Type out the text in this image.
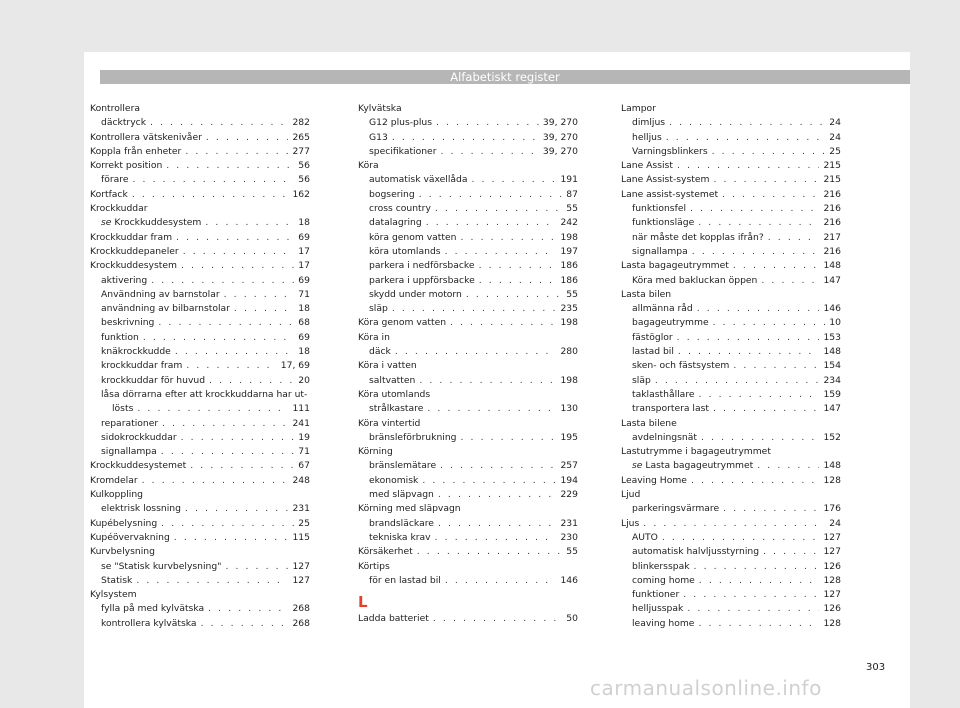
Alfabetiskt register
Kontrollera
däcktryck . . .	282
Kontrollera vätskenivåer . . .	265
Koppla från enheter . . .	277
Korrekt position . . .	56
förare . . .	56
Kortfack . . .	162
Krockkuddar
se Krockkuddesystem . . .	18
Krockkuddar fram . . .	69
Krockkuddepaneler . . .	17
Krockkuddesystem . . .	17
aktivering . . .	69
Användning av barnstolar . . .	71
användning av bilbarnstolar . . .	18
beskrivning . . .	68
funktion . . .	69
knäkrockkudde . . .	18
krockkuddar fram . . .	17, 69
krockkuddar för huvud . . .	20
låsa dörrarna efter att krockkuddarna har ut-
lösts . . .	111
reparationer . . .	241
sidokrockkuddar . . .	19
signallampa . . .	71
Krockkuddesystemet . . .	67
Kromdelar . . .	248
Kulkoppling
elektrisk lossning . . .	231
Kupébelysning . . .	25
Kupéövervakning . . .	115
Kurvbelysning
se "Statisk kurvbelysning" . . .	127
Statisk . . .	127
Kylsystem
fylla på med kylvätska . . .	268
kontrollera kylvätska . . .	268
Kylvätska
G12 plus-plus . . .	39, 270
G13 . . .	39, 270
specifikationer . . .	39, 270
Köra
automatisk växellåda . . .	191
bogsering . . .	87
cross country . . .	55
datalagring . . .	242
köra genom vatten . . .	198
köra utomlands . . .	197
parkera i nedförsbacke . . .	186
parkera i uppförsbacke . . .	186
skydd under motorn . . .	55
släp . . .	235
Köra genom vatten . . .	198
Köra in
däck . . .	280
Köra i vatten
saltvatten . . .	198
Köra utomlands
strålkastare . . .	130
Köra vintertid
bränsleförbrukning . . .	195
Körning
bränslemätare . . .	257
ekonomisk . . .	194
med släpvagn . . .	229
Körning med släpvagn
brandsläckare . . .	231
tekniska krav . . .	230
Körsäkerhet . . .	55
Körtips
för en lastad bil . . .	146
L
Ladda batteriet . . .	50
Lampor
dimljus . . .	24
helljus . . .	24
Varningsblinkers . . .	25
Lane Assist . . .	215
Lane Assist-system . . .	215
Lane assist-systemet . . .	216
funktionsfel . . .	216
funktionsläge . . .	216
när måste det kopplas ifrån? . . .	217
signallampa . . .	216
Lasta bagageutrymmet . . .	148
Köra med bakluckan öppen . . .	147
Lasta bilen
allmänna råd . . .	146
bagageutrymme . . .	10
fästöglor . . .	153
lastad bil . . .	148
sken- och fästsystem . . .	154
släp . . .	234
taklasthållare . . .	159
transportera last . . .	147
Lasta bilene
avdelningsnät . . .	152
Lastutrymme i bagageutrymmet
se Lasta bagageutrymmet . . .	148
Leaving Home . . .	128
Ljud
parkeringsvärmare . . .	176
Ljus . . .	24
AUTO . . .	127
automatisk halvljusstyrning . . .	127
blinkersspak . . .	126
coming home . . .	128
funktioner . . .	127
helljusspak . . .	126
leaving home . . .	128
303
carmanualsonline.info
